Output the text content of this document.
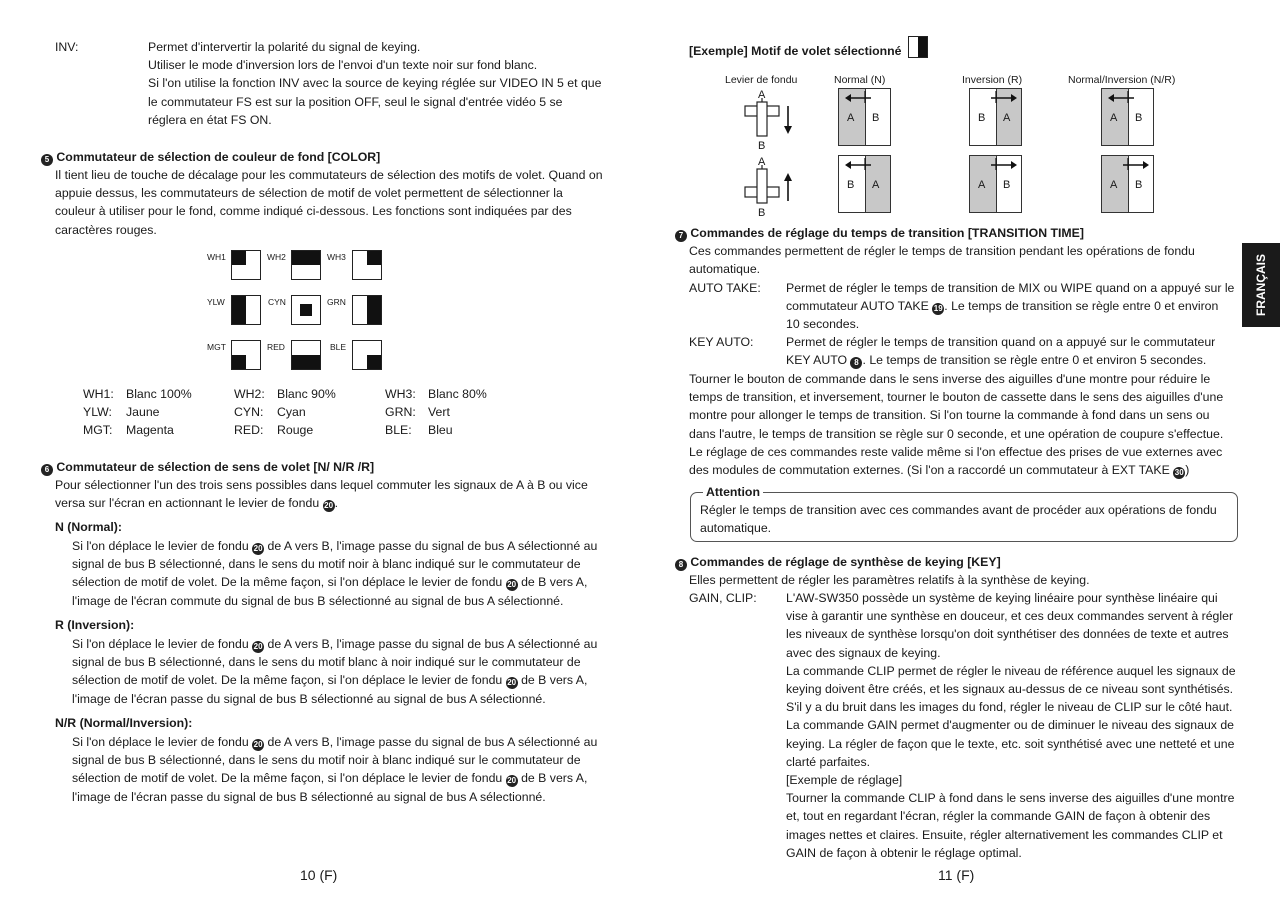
INV:	Permet d'intervertir la polarité du signal de keying.
Utiliser le mode d'inversion lors de l'envoi d'un texte noir sur fond blanc.
Si l'on utilise la fonction INV avec la source de keying réglée sur VIDEO IN 5 et que
le commutateur FS est sur la position OFF, seul le signal d'entrée vidéo 5 se
réglera en état FS ON.
5 Commutateur de sélection de couleur de fond [COLOR]
Il tient lieu de touche de décalage pour les commutateurs de sélection des motifs de volet. Quand on
appuie dessus, les commutateurs de sélection de motif de volet permettent de sélectionner la
couleur à utiliser pour le fond, comme indiqué ci-dessous. Les fonctions sont indiquées par des
caractères rouges.
WH1	WH2	WH3
YLW	CYN	GRN
MGT	RED	BLE
WH1: Blanc 100%	WH2: Blanc 90%	WH3: Blanc 80%
YLW: Jaune	CYN: Cyan	GRN: Vert
MGT: Magenta	RED: Rouge	BLE: Bleu
6 Commutateur de sélection de sens de volet [N/ N/R /R]
Pour sélectionner l'un des trois sens possibles dans lequel commuter les signaux de A à B ou vice
versa sur l'écran en actionnant le levier de fondu 20 .
N (Normal):
Si l'on déplace le levier de fondu 20 de A vers B, l'image passe du signal de bus A sélectionné au
signal de bus B sélectionné, dans le sens du motif noir à blanc indiqué sur le commutateur de
sélection de motif de volet. De la même façon, si l'on déplace le levier de fondu 20 de B vers A,
l'image de l'écran commute du signal de bus B sélectionné au signal de bus A sélectionné.
R (Inversion):
Si l'on déplace le levier de fondu 20 de A vers B, l'image passe du signal de bus A sélectionné au
signal de bus B sélectionné, dans le sens du motif blanc à noir indiqué sur le commutateur de
sélection de motif de volet. De la même façon, si l'on déplace le levier de fondu 20 de B vers A,
l'image de l'écran passe du signal de bus B sélectionné au signal de bus A sélectionné.
N/R (Normal/Inversion):
Si l'on déplace le levier de fondu 20 de A vers B, l'image passe du signal de bus A sélectionné au
signal de bus B sélectionné, dans le sens du motif noir à blanc indiqué sur le commutateur de
sélection de motif de volet. De la même façon, si l'on déplace le levier de fondu 20 de B vers A,
l'image de l'écran passe du signal de bus B sélectionné au signal de bus A sélectionné.
10 (F)
[Exemple] Motif de volet sélectionné
Levier de fondu	Normal (N)	Inversion (R)	Normal/Inversion (N/R)
A
B
A
B
A B	B A	A B
B A	A B	A B
7 Commandes de réglage du temps de transition [TRANSITION TIME]
Ces commandes permettent de régler le temps de transition pendant les opérations de fondu
automatique.
AUTO TAKE: Permet de régler le temps de transition de MIX ou WIPE quand on a appuyé sur le
commutateur AUTO TAKE 19 . Le temps de transition se règle entre 0 et environ
10 secondes.
KEY AUTO:	Permet de régler le temps de transition quand on a appuyé sur le commutateur
KEY AUTO 8 . Le temps de transition se règle entre 0 et environ 5 secondes.
Tourner le bouton de commande dans le sens inverse des aiguilles d'une montre pour réduire le
temps de transition, et inversement, tourner le bouton de cassette dans le sens des aiguilles d'une
montre pour allonger le temps de transition. Si l'on tourne la commande à fond dans un sens ou
dans l'autre, le temps de transition se règle sur 0 seconde, et une opération de coupure s'effectue.
Le réglage de ces commandes reste valide même si l'on effectue des prises de vue externes avec
des modules de commutation externes. (Si l'on a raccordé un commutateur à EXT TAKE 30 )
Attention
Régler le temps de transition avec ces commandes avant de procéder aux opérations de fondu
automatique.
8 Commandes de réglage de synthèse de keying [KEY]
Elles permettent de régler les paramètres relatifs à la synthèse de keying.
GAIN, CLIP: L'AW-SW350 possède un système de keying linéaire pour synthèse linéaire qui
vise à garantir une synthèse en douceur, et ces deux commandes servent à régler
les niveaux de synthèse lorsqu'on doit synthétiser des données de texte et autres
avec des signaux de keying.
La commande CLIP permet de régler le niveau de référence auquel les signaux de
keying doivent être créés, et les signaux au-dessus de ce niveau sont synthétisés.
S'il y a du bruit dans les images du fond, régler le niveau de CLIP sur le côté haut.
La commande GAIN permet d'augmenter ou de diminuer le niveau des signaux de
keying. La régler de façon que le texte, etc. soit synthétisé avec une netteté et une
clarté parfaites.
[Exemple de réglage]
Tourner la commande CLIP à fond dans le sens inverse des aiguilles d'une montre
et, tout en regardant l'écran, régler la commande GAIN de façon à obtenir des
images nettes et claires. Ensuite, régler alternativement les commandes CLIP et
GAIN de façon à obtenir le réglage optimal.
11 (F)
FRANÇAIS
